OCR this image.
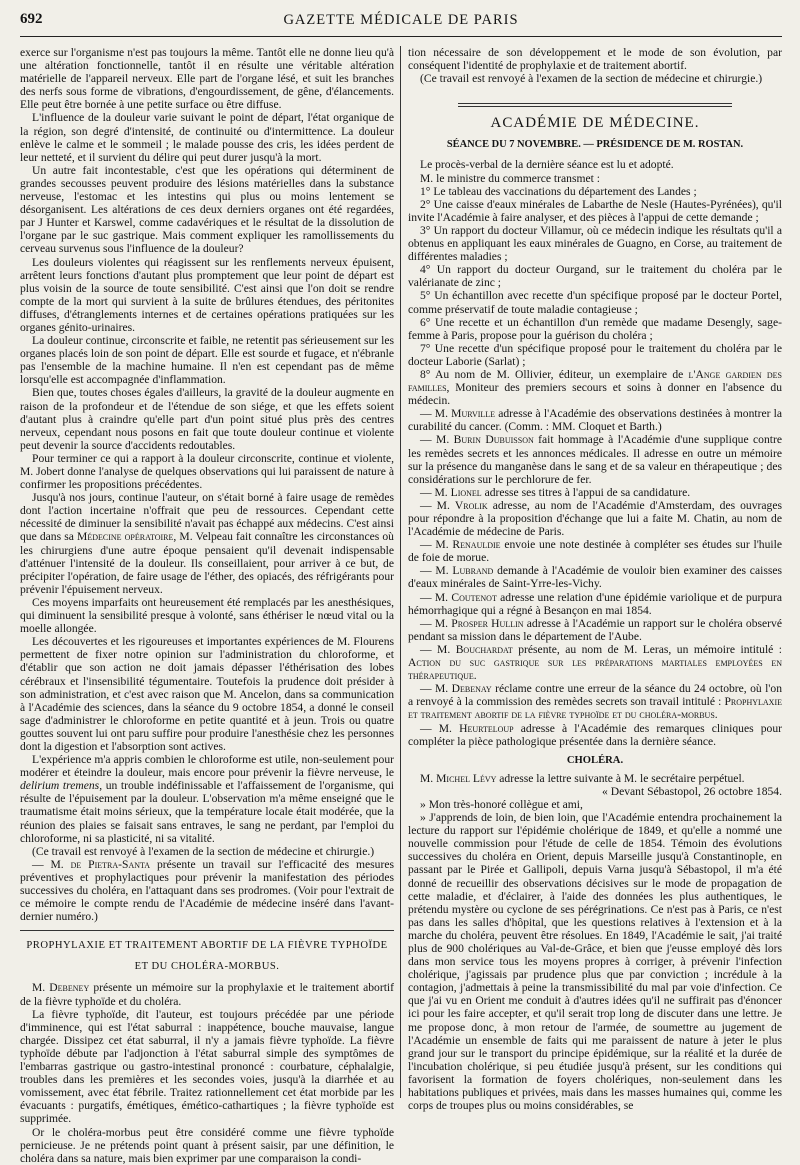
692	GAZETTE MÉDICALE DE PARIS

exerce sur l'organisme n'est pas toujours la même. Tantôt elle ne donne lieu qu'à une altération fonctionnelle, tantôt il en résulte une véritable altération matérielle de l'appareil nerveux. Elle part de l'organe lésé, et suit les branches des nerfs sous forme de vibrations, d'engourdissement, de gêne, d'élancements. Elle peut être bornée à une petite surface ou être diffuse.

L'influence de la douleur varie suivant le point de départ, l'état organique de la région, son degré d'intensité, de continuité ou d'intermittence. La douleur enlève le calme et le sommeil ; le malade pousse des cris, les idées perdent de leur netteté, et il survient du délire qui peut durer jusqu'à la mort.

Un autre fait incontestable, c'est que les opérations qui déterminent de grandes secousses peuvent produire des lésions matérielles dans la substance nerveuse, l'estomac et les intestins qui plus ou moins lentement se désorganisent. Les altérations de ces deux derniers organes ont été regardées, par J Hunter et Karswel, comme cadavériques et le résultat de la dissolution de l'organe par le suc gastrique. Mais comment expliquer les ramollissements du cerveau survenus sous l'influence de la douleur?

Les douleurs violentes qui réagissent sur les renflements nerveux épuisent, arrêtent leurs fonctions d'autant plus promptement que leur point de départ est plus voisin de la source de toute sensibilité. C'est ainsi que l'on doit se rendre compte de la mort qui survient à la suite de brûlures étendues, des péritonites diffuses, d'étranglements internes et de certaines opérations pratiquées sur les organes génito-urinaires.

La douleur continue, circonscrite et faible, ne retentit pas sérieusement sur les organes placés loin de son point de départ. Elle est sourde et fugace, et n'ébranle pas l'ensemble de la machine humaine. Il n'en est cependant pas de même lorsqu'elle est accompagnée d'inflammation.

Bien que, toutes choses égales d'ailleurs, la gravité de la douleur augmente en raison de la profondeur et de l'étendue de son siége, et que les effets soient d'autant plus à craindre qu'elle part d'un point situé plus près des centres nerveux, cependant nous posons en fait que toute douleur continue et violente peut devenir la source d'accidents redoutables.

Pour terminer ce qui a rapport à la douleur circonscrite, continue et violente, M. Jobert donne l'analyse de quelques observations qui lui paraissent de nature à confirmer les propositions précédentes.

Jusqu'à nos jours, continue l'auteur, on s'était borné à faire usage de remèdes dont l'action incertaine n'offrait que peu de ressources. Cependant cette nécessité de diminuer la sensibilité n'avait pas échappé aux médecins. C'est ainsi que dans sa Médecine opératoire, M. Velpeau fait connaître les circonstances où les chirurgiens d'une autre époque pensaient qu'il devenait indispensable d'atténuer l'intensité de la douleur. Ils conseillaient, pour arriver à ce but, de précipiter l'opération, de faire usage de l'éther, des opiacés, des réfrigérants pour prévenir l'épuisement nerveux.

Ces moyens imparfaits ont heureusement été remplacés par les anesthésiques, qui diminuent la sensibilité presque à volonté, sans éthériser le nœud vital ou la moelle allongée.

Les découvertes et les rigoureuses et importantes expériences de M. Flourens permettent de fixer notre opinion sur l'administration du chloroforme, et d'établir que son action ne doit jamais dépasser l'éthérisation des lobes cérébraux et l'insensibilité tégumentaire. Toutefois la prudence doit présider à son administration, et c'est avec raison que M. Ancelon, dans sa communication à l'Académie des sciences, dans la séance du 9 octobre 1854, a donné le conseil sage d'administrer le chloroforme en petite quantité et à jeun. Trois ou quatre gouttes souvent lui ont paru suffire pour produire l'anesthésie chez les personnes dont la digestion et l'absorption sont actives.

L'expérience m'a appris combien le chloroforme est utile, non-seulement pour modérer et éteindre la douleur, mais encore pour prévenir la fièvre nerveuse, le delirium tremens, un trouble indéfinissable et l'affaissement de l'organisme, qui résulte de l'épuisement par la douleur. L'observation m'a même enseigné que le traumatisme était moins sérieux, que la température locale était modérée, que la réunion des plaies se faisait sans entraves, le sang ne perdant, par l'emploi du chloroforme, ni sa plasticité, ni sa vitalité.

(Ce travail est renvoyé à l'examen de la section de médecine et chirurgie.)

— M. de Pietra-Santa présente un travail sur l'efficacité des mesures préventives et prophylactiques pour prévenir la manifestation des périodes successives du choléra, en l'attaquant dans ses prodromes. (Voir pour l'extrait de ce mémoire le compte rendu de l'Académie de médecine inséré dans l'avant-dernier numéro.)

PROPHYLAXIE ET TRAITEMENT ABORTIF DE LA FIÈVRE TYPHOÏDE
ET DU CHOLÉRA-MORBUS.

M. Debeney présente un mémoire sur la prophylaxie et le traitement abortif de la fièvre typhoïde et du choléra.

La fièvre typhoïde, dit l'auteur, est toujours précédée par une période d'imminence, qui est l'état saburral : inappétence, bouche mauvaise, langue chargée. Dissipez cet état saburral, il n'y a jamais fièvre typhoïde. La fièvre typhoïde débute par l'adjonction à l'état saburral simple des symptômes de l'embarras gastrique ou gastro-intestinal prononcé : courbature, céphalalgie, troubles dans les premières et les secondes voies, jusqu'à la diarrhée et au vomissement, avec état fébrile. Traitez rationnellement cet état morbide par les évacuants : purgatifs, émétiques, émético-cathartiques ; la fièvre typhoïde est supprimée.

Or le choléra-morbus peut être considéré comme une fièvre typhoïde pernicieuse. Je ne prétends point quant à présent saisir, par une définition, le choléra dans sa nature, mais bien exprimer par une comparaison la condi-

tion nécessaire de son développement et le mode de son évolution, par conséquent l'identité de prophylaxie et de traitement abortif.

(Ce travail est renvoyé à l'examen de la section de médecine et chirurgie.)

ACADÉMIE DE MÉDECINE.
SÉANCE DU 7 NOVEMBRE. — PRÉSIDENCE DE M. ROSTAN.

Le procès-verbal de la dernière séance est lu et adopté.

M. le ministre du commerce transmet :

1° Le tableau des vaccinations du département des Landes ;

2° Une caisse d'eaux minérales de Labarthe de Nesle (Hautes-Pyrénées), qu'il invite l'Académie à faire analyser, et des pièces à l'appui de cette demande ;

3° Un rapport du docteur Villamur, où ce médecin indique les résultats qu'il a obtenus en appliquant les eaux minérales de Guagno, en Corse, au traitement de différentes maladies ;

4° Un rapport du docteur Ourgand, sur le traitement du choléra par le valérianate de zinc ;

5° Un échantillon avec recette d'un spécifique proposé par le docteur Portel, comme préservatif de toute maladie contagieuse ;

6° Une recette et un échantillon d'un remède que madame Desengly, sage-femme à Paris, propose pour la guérison du choléra ;

7° Une recette d'un spécifique proposé pour le traitement du choléra par le docteur Laborie (Sarlat) ;

8° Au nom de M. Ollivier, éditeur, un exemplaire de l'Ange gardien des familles, Moniteur des premiers secours et soins à donner en l'absence du médecin.

— M. Murville adresse à l'Académie des observations destinées à montrer la curabilité du cancer. (Comm. : MM. Cloquet et Barth.)

— M. Burin Dubuisson fait hommage à l'Académie d'une supplique contre les remèdes secrets et les annonces médicales. Il adresse en outre un mémoire sur la présence du manganèse dans le sang et de sa valeur en thérapeutique ; des considérations sur le perchlorure de fer.

— M. Lionel adresse ses titres à l'appui de sa candidature.

— M. Vrolik adresse, au nom de l'Académie d'Amsterdam, des ouvrages pour répondre à la proposition d'échange que lui a faite M. Chatin, au nom de l'Académie de médecine de Paris.

— M. Renauldie envoie une note destinée à compléter ses études sur l'huile de foie de morue.

— M. Lubrand demande à l'Académie de vouloir bien examiner des caisses d'eaux minérales de Saint-Yrre-les-Vichy.

— M. Coutenot adresse une relation d'une épidémie variolique et de purpura hémorrhagique qui a régné à Besançon en mai 1854.

— M. Prosper Hullin adresse à l'Académie un rapport sur le choléra observé pendant sa mission dans le département de l'Aube.

— M. Bouchardat présente, au nom de M. Leras, un mémoire intitulé : Action du suc gastrique sur les préparations martiales employées en thérapeutique.

— M. Debenay réclame contre une erreur de la séance du 24 octobre, où l'on a renvoyé à la commission des remèdes secrets son travail intitulé : Prophylaxie et traitement abortif de la fièvre typhoïde et du choléra-morbus.

— M. Heurteloup adresse à l'Académie des remarques cliniques pour compléter la pièce pathologique présentée dans la dernière séance.

CHOLÉRA.

M. Michel Lévy adresse la lettre suivante à M. le secrétaire perpétuel.

« Devant Sébastopol, 26 octobre 1854.

» Mon très-honoré collègue et ami,

» J'apprends de loin, de bien loin, que l'Académie entendra prochainement la lecture du rapport sur l'épidémie cholérique de 1849, et qu'elle a nommé une nouvelle commission pour l'étude de celle de 1854. Témoin des évolutions successives du choléra en Orient, depuis Marseille jusqu'à Constantinople, en passant par le Pirée et Gallipoli, depuis Varna jusqu'à Sébastopol, il m'a été donné de recueillir des observations décisives sur le mode de propagation de cette maladie, et d'éclairer, à l'aide des données les plus authentiques, le prétendu mystère ou cyclone de ses pérégrinations. Ce n'est pas à Paris, ce n'est pas dans les salles d'hôpital, que les questions relatives à l'extension et à la marche du choléra, peuvent être résolues. En 1849, l'Académie le sait, j'ai traité plus de 900 cholériques au Val-de-Grâce, et bien que j'eusse employé dès lors dans mon service tous les moyens propres à corriger, à prévenir l'infection cholérique, j'agissais par prudence plus que par conviction ; incrédule à la contagion, j'admettais à peine la transmissibilité du mal par voie d'infection. Ce que j'ai vu en Orient me conduit à d'autres idées qu'il ne suffirait pas d'énoncer ici pour les faire accepter, et qu'il serait trop long de discuter dans une lettre. Je me propose donc, à mon retour de l'armée, de soumettre au jugement de l'Académie un ensemble de faits qui me paraissent de nature à jeter le plus grand jour sur le transport du principe épidémique, sur la réalité et la durée de l'incubation cholérique, si peu étudiée jusqu'à présent, sur les conditions qui favorisent la formation de foyers cholériques, non-seulement dans les habitations publiques et privées, mais dans les masses humaines qui, comme les corps de troupes plus ou moins considérables, se
